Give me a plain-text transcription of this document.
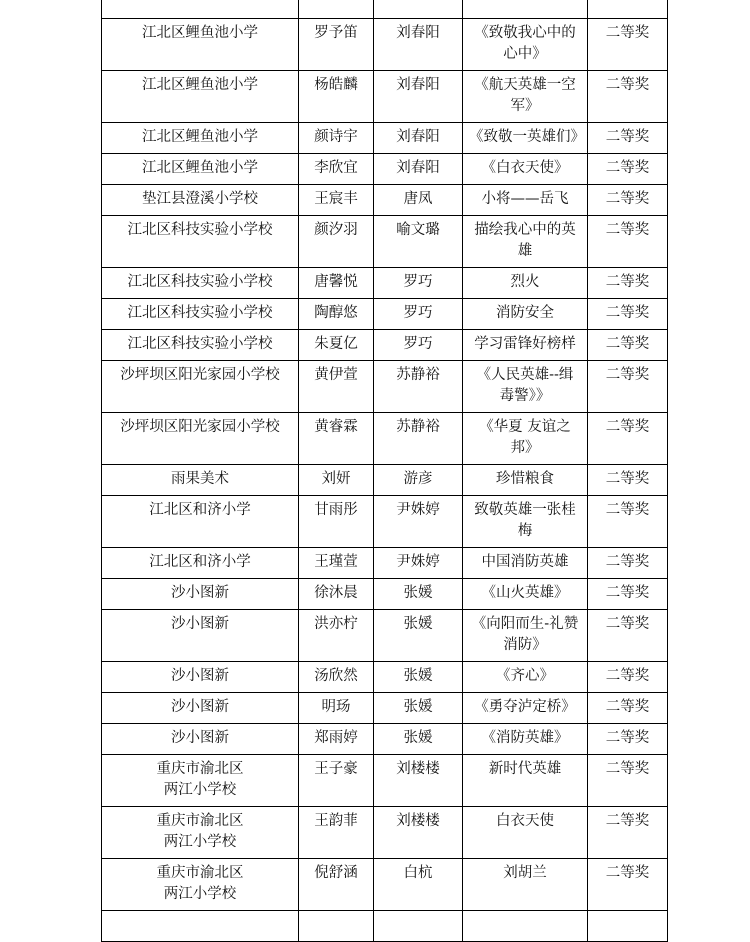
江北区鲤鱼池小学	罗予笛	刘春阳	《致敬我心中的
心中》	二等奖

江北区鲤鱼池小学	杨皓麟	刘春阳	《航天英雄一空
军》	二等奖

江北区鲤鱼池小学	颜诗宇	刘春阳	《致敬一英雄们》	二等奖

江北区鲤鱼池小学	李欣宜	刘春阳	《白衣天使》	二等奖

垫江县澄溪小学校	王宸丰	唐凤	小将——岳飞	二等奖

江北区科技实验小学校	颜汐羽	喻文璐	描绘我心中的英
雄	二等奖

江北区科技实验小学校	唐馨悦	罗巧	烈火	二等奖

江北区科技实验小学校	陶醇悠	罗巧	消防安全	二等奖

江北区科技实验小学校	朱夏亿	罗巧	学习雷锋好榜样	二等奖

沙坪坝区阳光家园小学校	黄伊萱	苏静裕	《人民英雄--缉
毒警》》	二等奖

沙坪坝区阳光家园小学校	黄睿霖	苏静裕	《华夏 友谊之
邦》	二等奖

雨果美术	刘妍	游彦	珍惜粮食	二等奖

江北区和济小学	甘雨彤	尹姝婷	致敬英雄一张桂
梅	二等奖

江北区和济小学	王瑾萱	尹姝婷	中国消防英雄	二等奖

沙小图新	徐沐晨	张媛	《山火英雄》	二等奖

沙小图新	洪亦柠	张媛	《向阳而生-礼赞
消防》	二等奖

沙小图新	汤欣然	张媛	《齐心》	二等奖

沙小图新	明玚	张媛	《勇夺泸定桥》	二等奖

沙小图新	郑雨婷	张媛	《消防英雄》	二等奖

重庆市渝北区
两江小学校	王子豪	刘楼楼	新时代英雄	二等奖

重庆市渝北区
两江小学校	王韵菲	刘楼楼	白衣天使	二等奖

重庆市渝北区
两江小学校	倪舒涵	白杭	刘胡兰	二等奖
